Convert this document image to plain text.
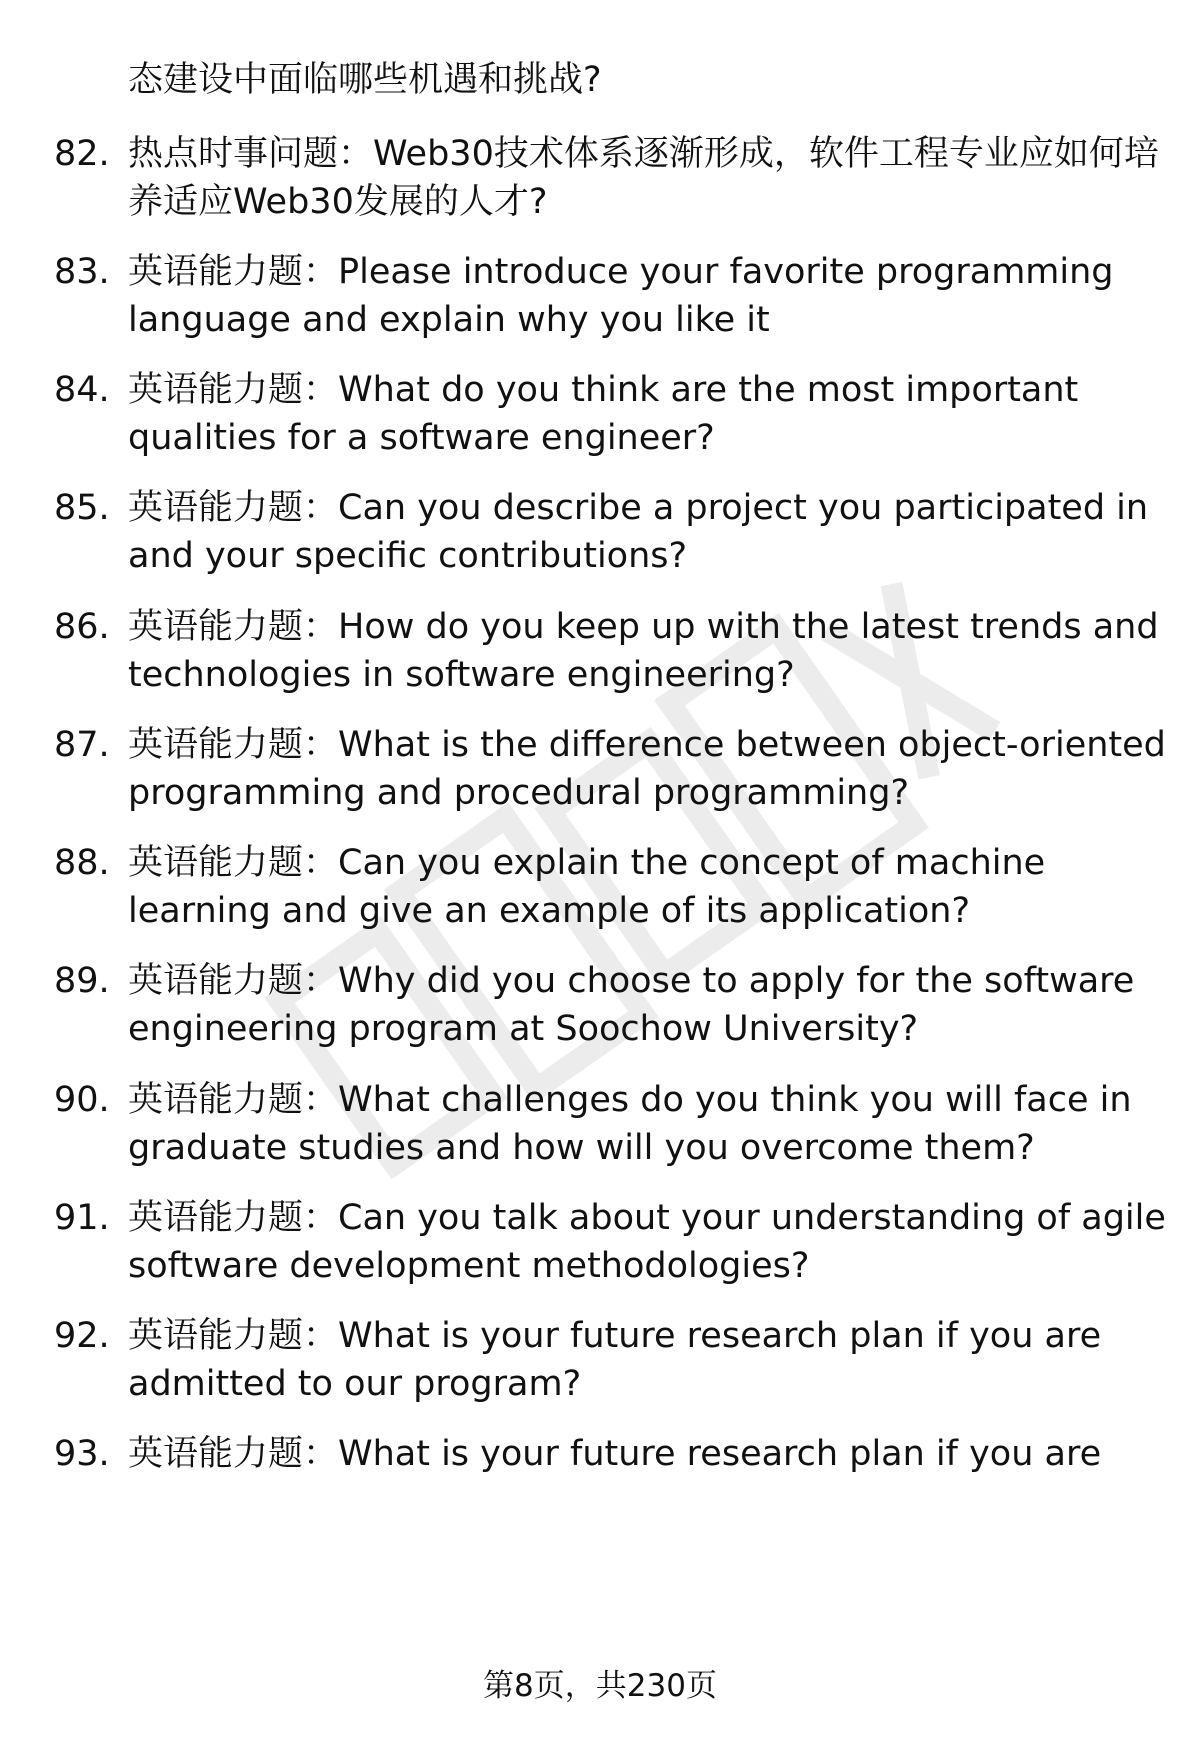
态建设中面临哪些机遇和挑战?
82. 热点时事问题：Web30技术体系逐渐形成，软件工程专业应如何培养适应Web30发展的人才?
83. 英语能力题：Please introduce your favorite programming language and explain why you like it
84. 英语能力题：What do you think are the most important qualities for a software engineer?
85. 英语能力题：Can you describe a project you participated in and your specific contributions?
86. 英语能力题：How do you keep up with the latest trends and technologies in software engineering?
87. 英语能力题：What is the difference between object-oriented programming and procedural programming?
88. 英语能力题：Can you explain the concept of machine learning and give an example of its application?
89. 英语能力题：Why did you choose to apply for the software engineering program at Soochow University?
90. 英语能力题：What challenges do you think you will face in graduate studies and how will you overcome them?
91. 英语能力题：Can you talk about your understanding of agile software development methodologies?
92. 英语能力题：What is your future research plan if you are admitted to our program?
93. 英语能力题：What is your future research plan if you are
第8页，共230页
